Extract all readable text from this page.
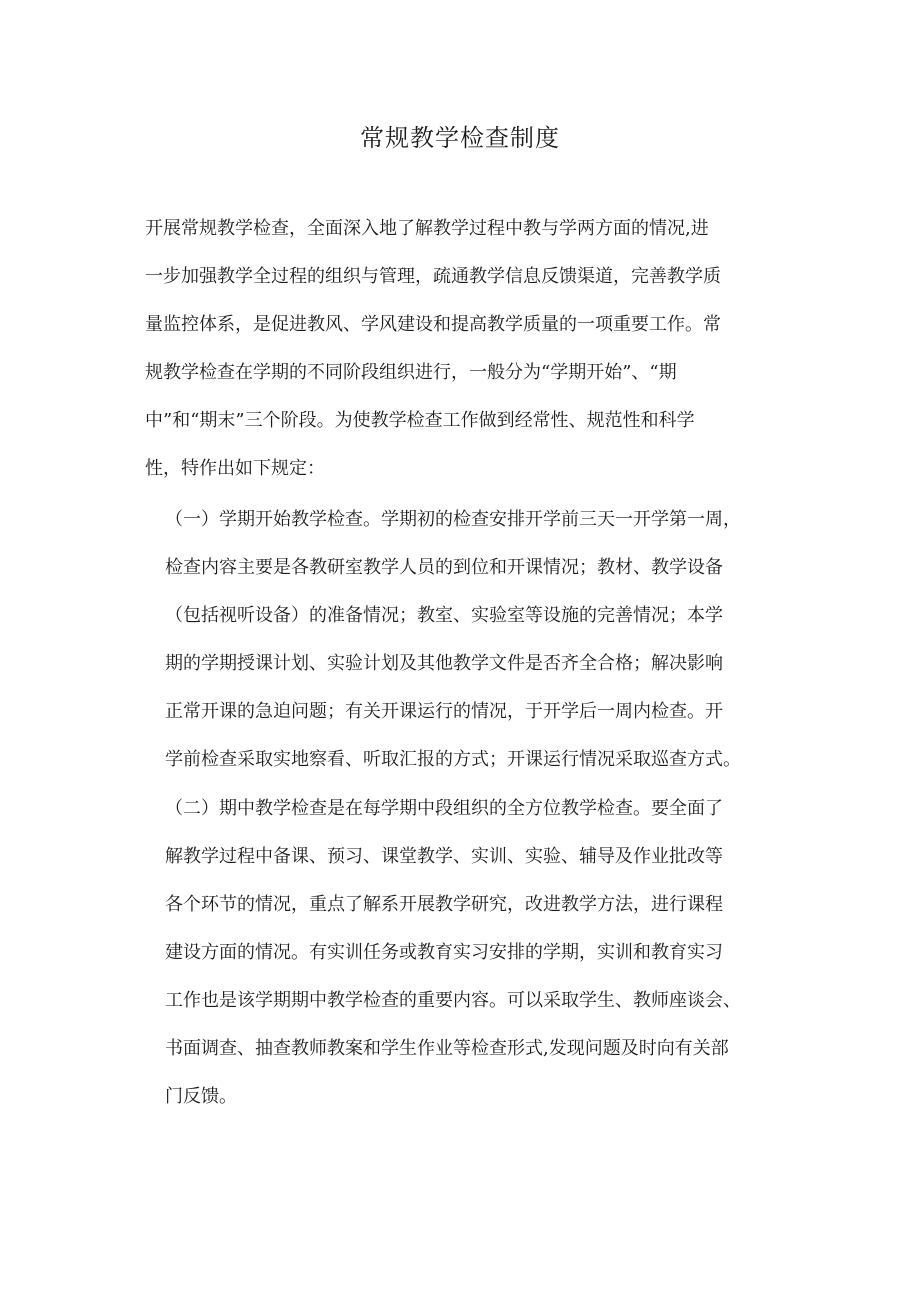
常规教学检查制度
开展常规教学检查，全面深入地了解教学过程中教与学两方面的情况,进
一步加强教学全过程的组织与管理，疏通教学信息反馈渠道，完善教学质
量监控体系，是促进教风、学风建设和提高教学质量的一项重要工作。常
规教学检查在学期的不同阶段组织进行，一般分为“学期开始”、“期
中”和“期末”三个阶段。为使教学检查工作做到经常性、规范性和科学
性，特作出如下规定：
（一）学期开始教学检查。学期初的检查安排开学前三天一开学第一周，
检查内容主要是各教研室教学人员的到位和开课情况；教材、教学设备
（包括视听设备）的准备情况；教室、实验室等设施的完善情况；本学
期的学期授课计划、实验计划及其他教学文件是否齐全合格；解决影响
正常开课的急迫问题；有关开课运行的情况，于开学后一周内检查。开
学前检查采取实地察看、听取汇报的方式；开课运行情况采取巡查方式。
（二）期中教学检查是在每学期中段组织的全方位教学检查。要全面了
解教学过程中备课、预习、课堂教学、实训、实验、辅导及作业批改等
各个环节的情况，重点了解系开展教学研究，改进教学方法，进行课程
建设方面的情况。有实训任务或教育实习安排的学期，实训和教育实习
工作也是该学期期中教学检查的重要内容。可以采取学生、教师座谈会、
书面调查、抽查教师教案和学生作业等检查形式,发现问题及时向有关部
门反馈。
